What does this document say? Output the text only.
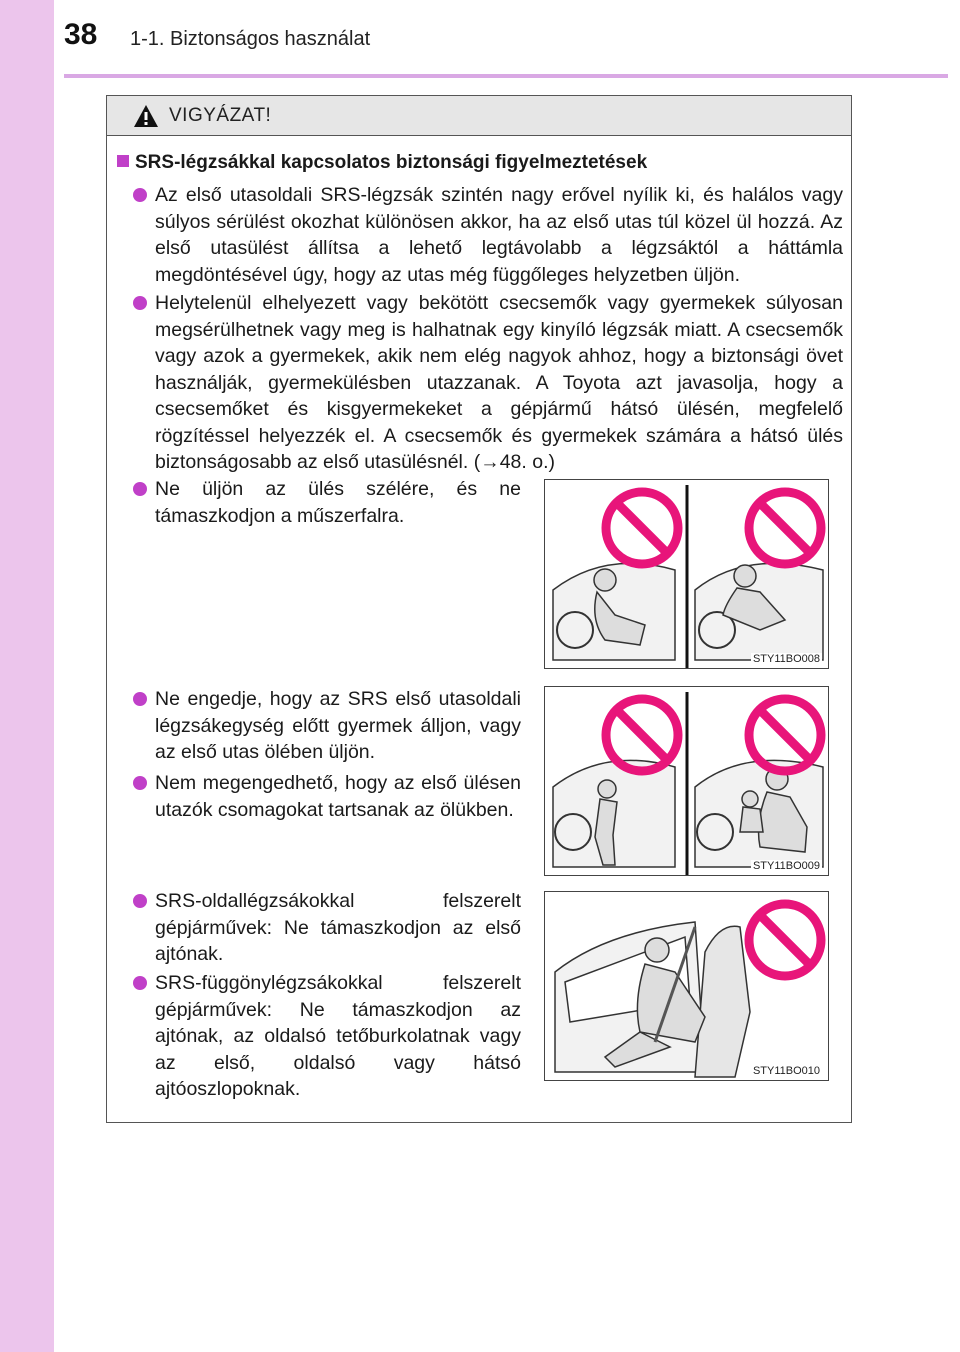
38 1-1. Biztonságos használat
VIGYÁZAT!
SRS-légzsákkal kapcsolatos biztonsági figyelmeztetések
Az első utasoldali SRS-légzsák szintén nagy erővel nyílik ki, és halálos vagy súlyos sérülést okozhat különösen akkor, ha az első utas túl közel ül hozzá. Az első utasülést állítsa a lehető legtávolabb a légzsáktól a háttámla megdöntésével úgy, hogy az utas még függőleges helyzetben üljön.
Helytelenül elhelyezett vagy bekötött csecsemők vagy gyermekek súlyosan megsérülhetnek vagy meg is halhatnak egy kinyíló légzsák miatt. A csecsemők vagy azok a gyermekek, akik nem elég nagyok ahhoz, hogy a biztonsági övet használják, gyermekülésben utazzanak. A Toyota azt javasolja, hogy a csecsemőket és kisgyermekeket a gépjármű hátsó ülésén, megfelelő rögzítéssel helyezzék el. A csecsemők és gyermekek számára a hátsó ülés biztonságosabb az első utasülésnél. (→48. o.)
Ne üljön az ülés szélére, és ne támaszkodjon a műszerfalra.
Ne engedje, hogy az SRS első utasoldali légzsákegység előtt gyermek álljon, vagy az első utas ölében üljön.
Nem megengedhető, hogy az első ülésen utazók csomagokat tartsanak az ölükben.
SRS-oldallégzsákokkal felszerelt gépjárművek: Ne támaszkodjon az első ajtónak.
SRS-függönylégzsákokkal felszerelt gépjárművek: Ne támaszkodjon az ajtónak, az oldalsó tetőburkolatnak vagy az első, oldalsó vagy hátsó ajtóoszlopoknak.
STY11BO008
STY11BO009
STY11BO010
